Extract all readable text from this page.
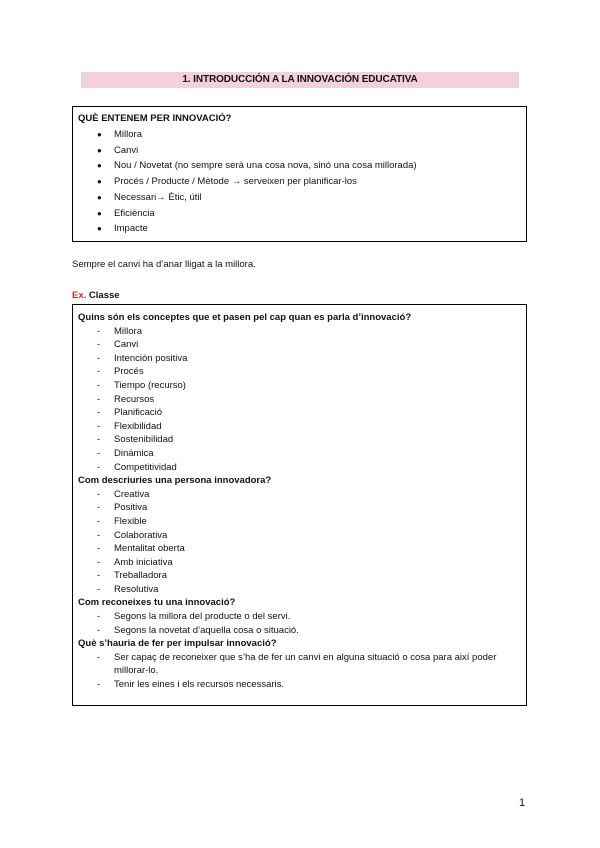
1. INTRODUCCIÓN A LA INNOVACIÓN EDUCATIVA

QUÈ ENTENEM PER INNOVACIÓ?

● Millora
● Canvi
● Nou / Novetat (no sempre serà una cosa nova, sinó una cosa millorada)
● Procés / Producte / Mètode → serveixen per planificar-los
● Necessari→ Ètic, útil
● Eficiència
● Impacte
Sempre el canvi ha d’anar lligat a la millora.
Ex. Classe

Quins són els conceptes que et pasen pel cap quan es parla d’innovació?

- Millora
- Canvi
- Intención positiva
- Procés
- Tiempo (recurso)
- Recursos
- Planificació
- Flexibilidad
- Sostenibilidad
- Dinámica
- Competitividad

Com descriuries una persona innovadora?

- Creativa
- Positiva
- Flexible
- Colaborativa
- Mentalitat oberta
- Amb iniciativa
- Treballadora
- Resolutiva

Com reconeixes tu una innovació?

- Segons la millora del producte o del servi.
- Segons la novetat d’aquella cosa o situació.

Què s’hauria de fer per impulsar innovació?

- Ser capaç de reconeixer que s’ha de fer un canvi en alguna situació o cosa para així poder millorar-lo.
- Tenir les eines i els recursos necessaris.
1
